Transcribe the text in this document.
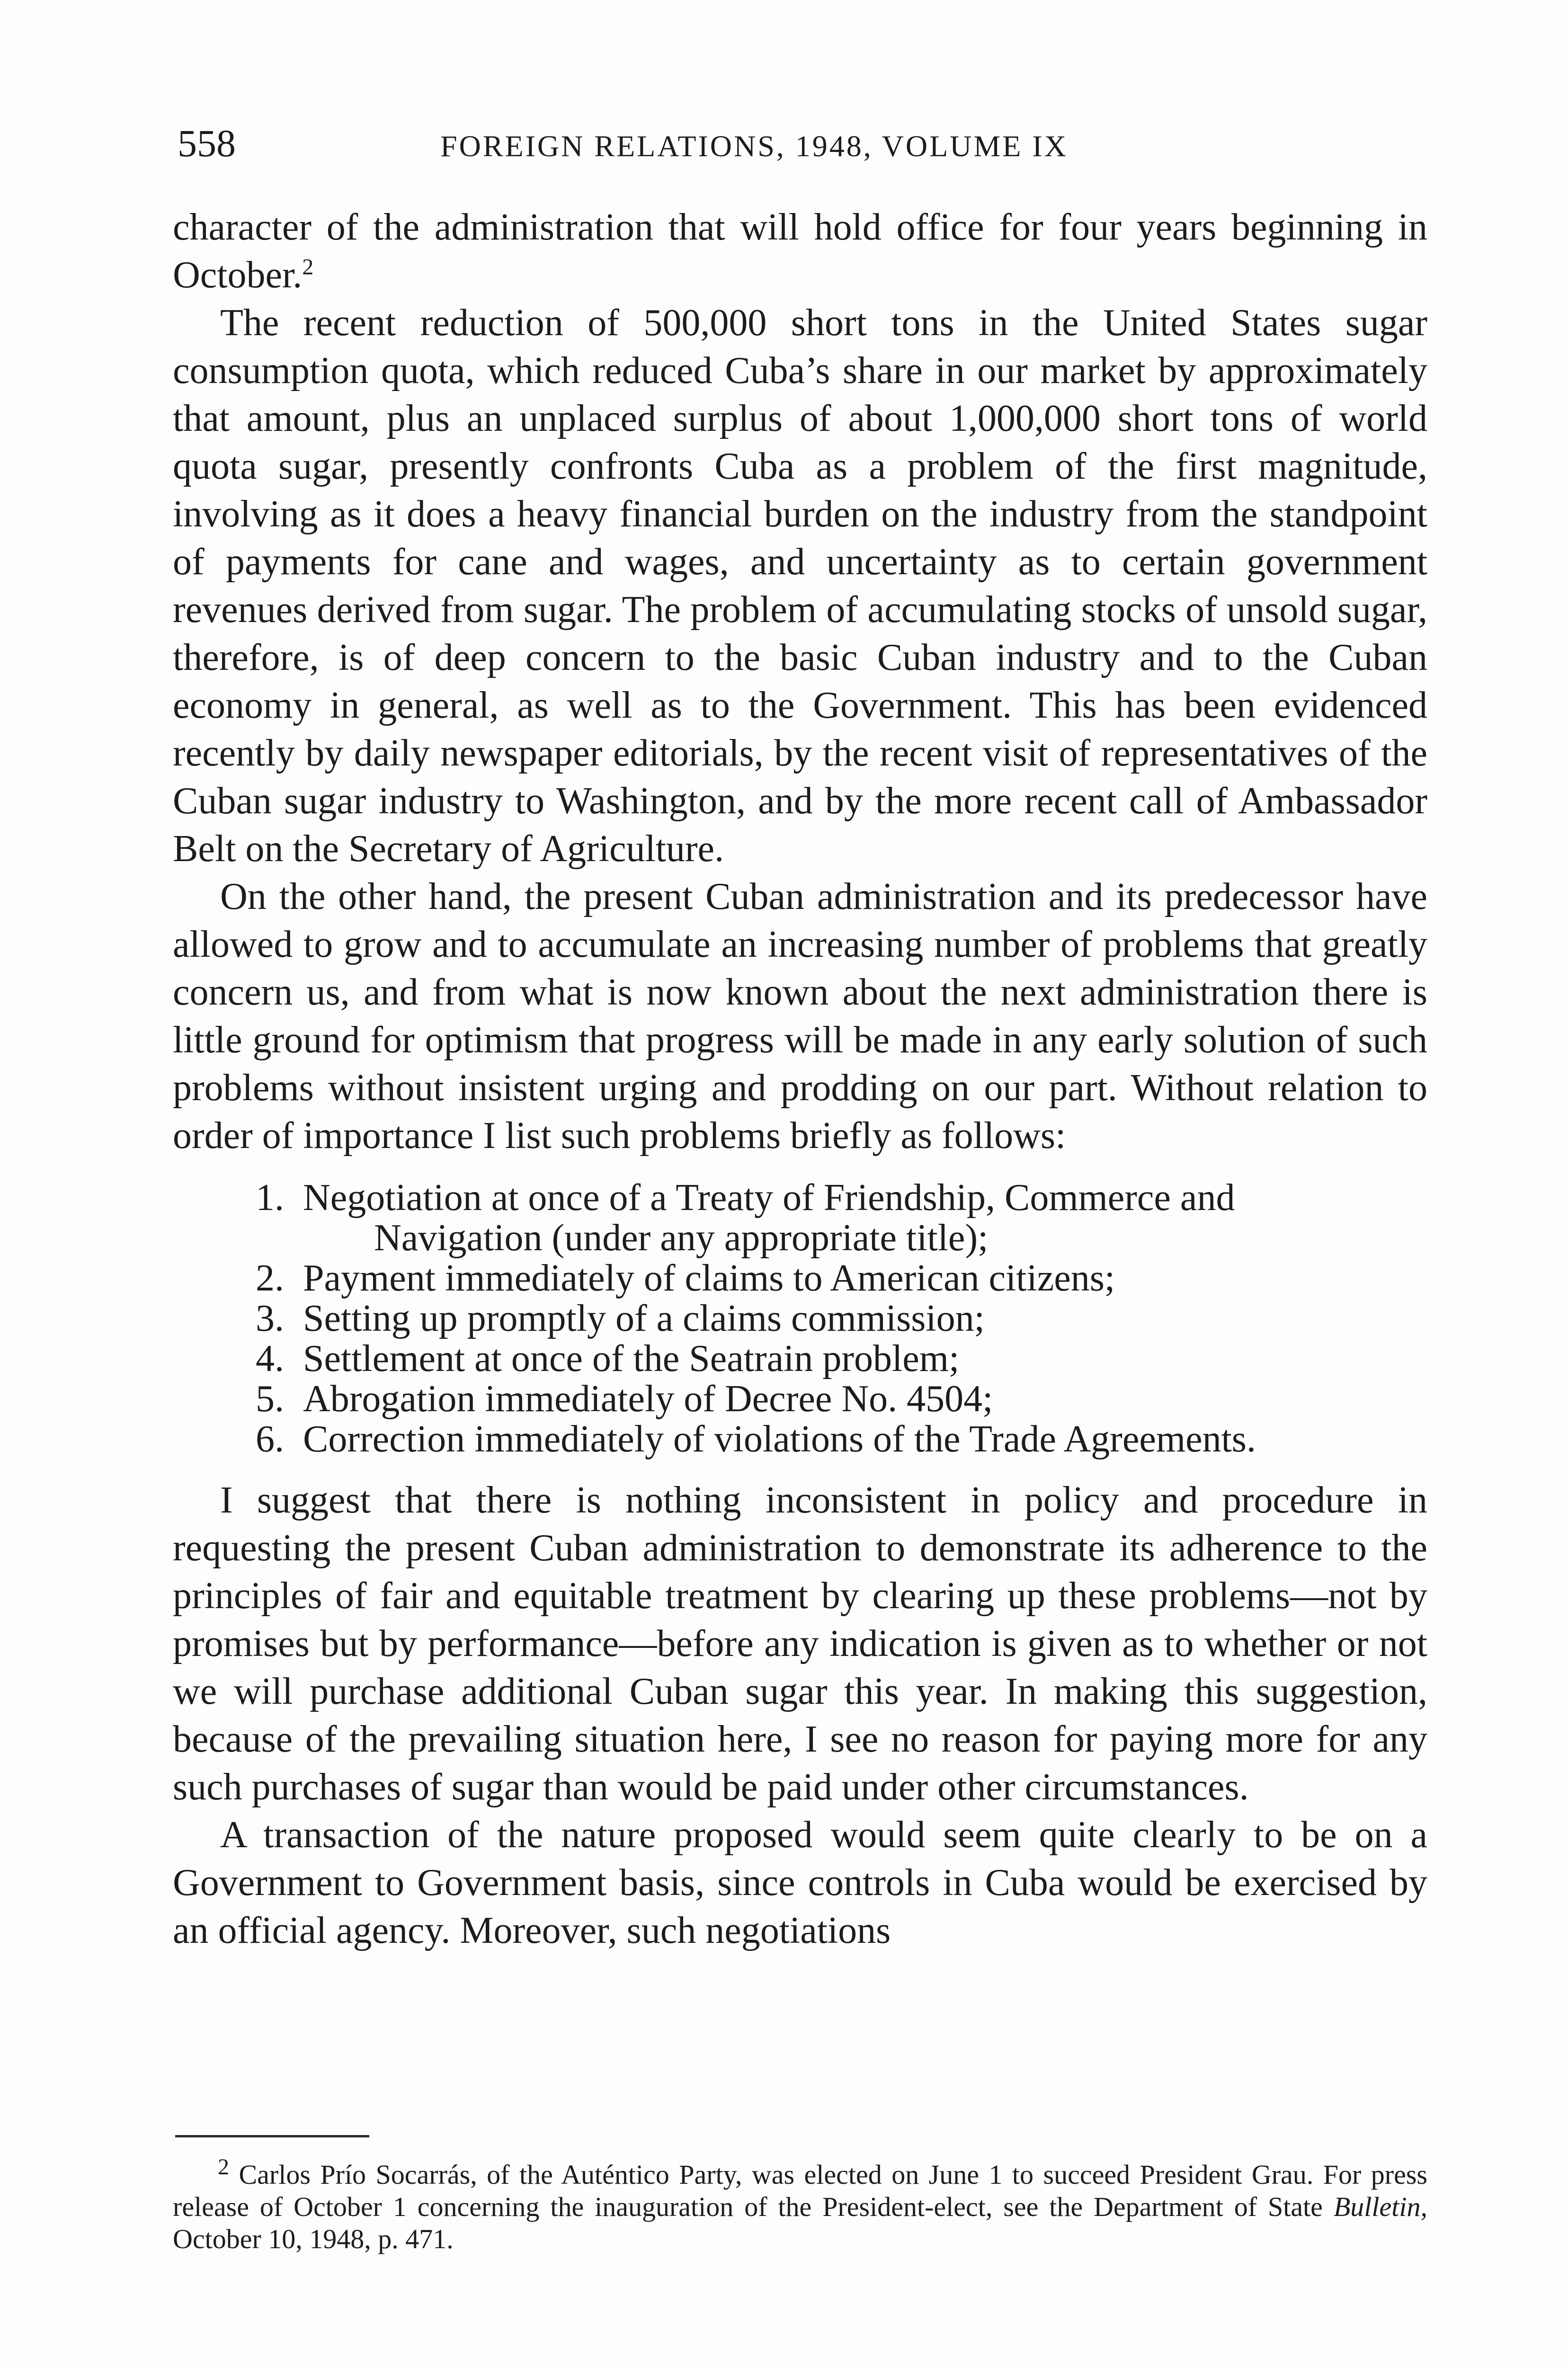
558	FOREIGN RELATIONS, 1948, VOLUME IX

character of the administration that will hold office for four years beginning in October.$^2$

The recent reduction of 500,000 short tons in the United States sugar consumption quota, which reduced Cuba’s share in our market by approximately that amount, plus an unplaced surplus of about 1,000,000 short tons of world quota sugar, presently confronts Cuba as a problem of the first magnitude, involving as it does a heavy financial burden on the industry from the standpoint of payments for cane and wages, and uncertainty as to certain government revenues derived from sugar. The problem of accumulating stocks of unsold sugar, therefore, is of deep concern to the basic Cuban industry and to the Cuban economy in general, as well as to the Government. This has been evidenced recently by daily newspaper editorials, by the recent visit of representatives of the Cuban sugar industry to Washington, and by the more recent call of Ambassador Belt on the Secretary of Agriculture.

On the other hand, the present Cuban administration and its predecessor have allowed to grow and to accumulate an increasing number of problems that greatly concern us, and from what is now known about the next administration there is little ground for optimism that progress will be made in any early solution of such problems without insistent urging and prodding on our part. Without relation to order of importance I list such problems briefly as follows:

1. Negotiation at once of a Treaty of Friendship, Commerce and
Navigation (under any appropriate title);
2. Payment immediately of claims to American citizens;
3. Setting up promptly of a claims commission;
4. Settlement at once of the Seatrain problem;
5. Abrogation immediately of Decree No. 4504;
6. Correction immediately of violations of the Trade Agreements.

I suggest that there is nothing inconsistent in policy and procedure in requesting the present Cuban administration to demonstrate its adherence to the principles of fair and equitable treatment by clearing up these problems—not by promises but by performance—before any indication is given as to whether or not we will purchase additional Cuban sugar this year. In making this suggestion, because of the prevailing situation here, I see no reason for paying more for any such purchases of sugar than would be paid under other circumstances.

A transaction of the nature proposed would seem quite clearly to be on a Government to Government basis, since controls in Cuba would be exercised by an official agency. Moreover, such negotiations

$^2$ Carlos Prío Socarrás, of the Auténtico Party, was elected on June 1 to succeed President Grau. For press release of October 1 concerning the inauguration of the President-elect, see the Department of State Bulletin, October 10, 1948, p. 471.
